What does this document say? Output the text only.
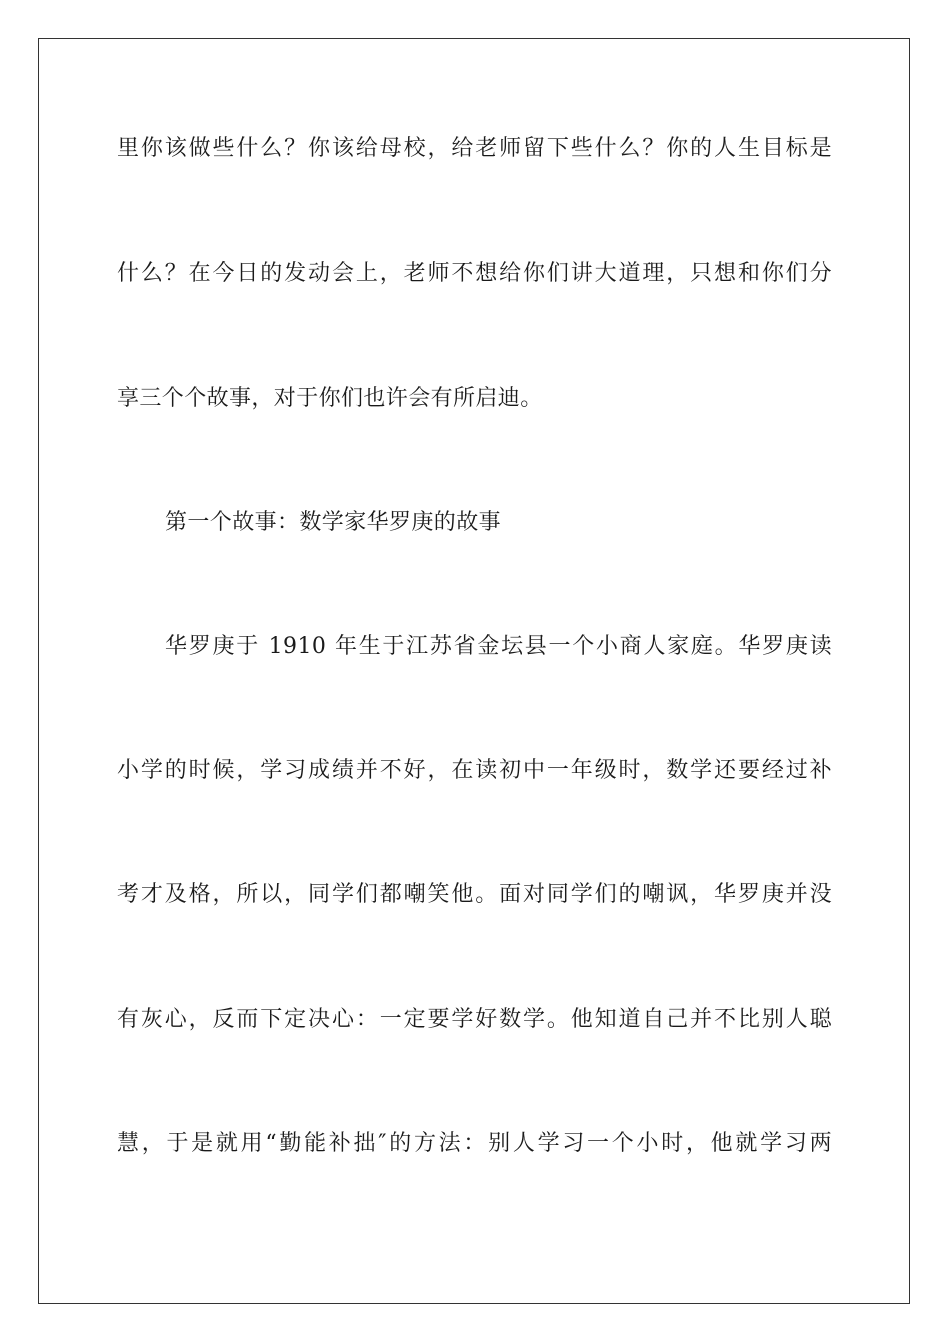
里你该做些什么？你该给母校，给老师留下些什么？你的人生目标是
什么？在今日的发动会上，老师不想给你们讲大道理，只想和你们分
享三个个故事，对于你们也许会有所启迪。
第一个故事：数学家华罗庚的故事
华罗庚于 1910 年生于江苏省金坛县一个小商人家庭。华罗庚读
小学的时候，学习成绩并不好，在读初中一年级时，数学还要经过补
考才及格，所以，同学们都嘲笑他。面对同学们的嘲讽，华罗庚并没
有灰心，反而下定决心：一定要学好数学。他知道自己并不比别人聪
慧，于是就用“勤能补拙″的方法：别人学习一个小时，他就学习两
